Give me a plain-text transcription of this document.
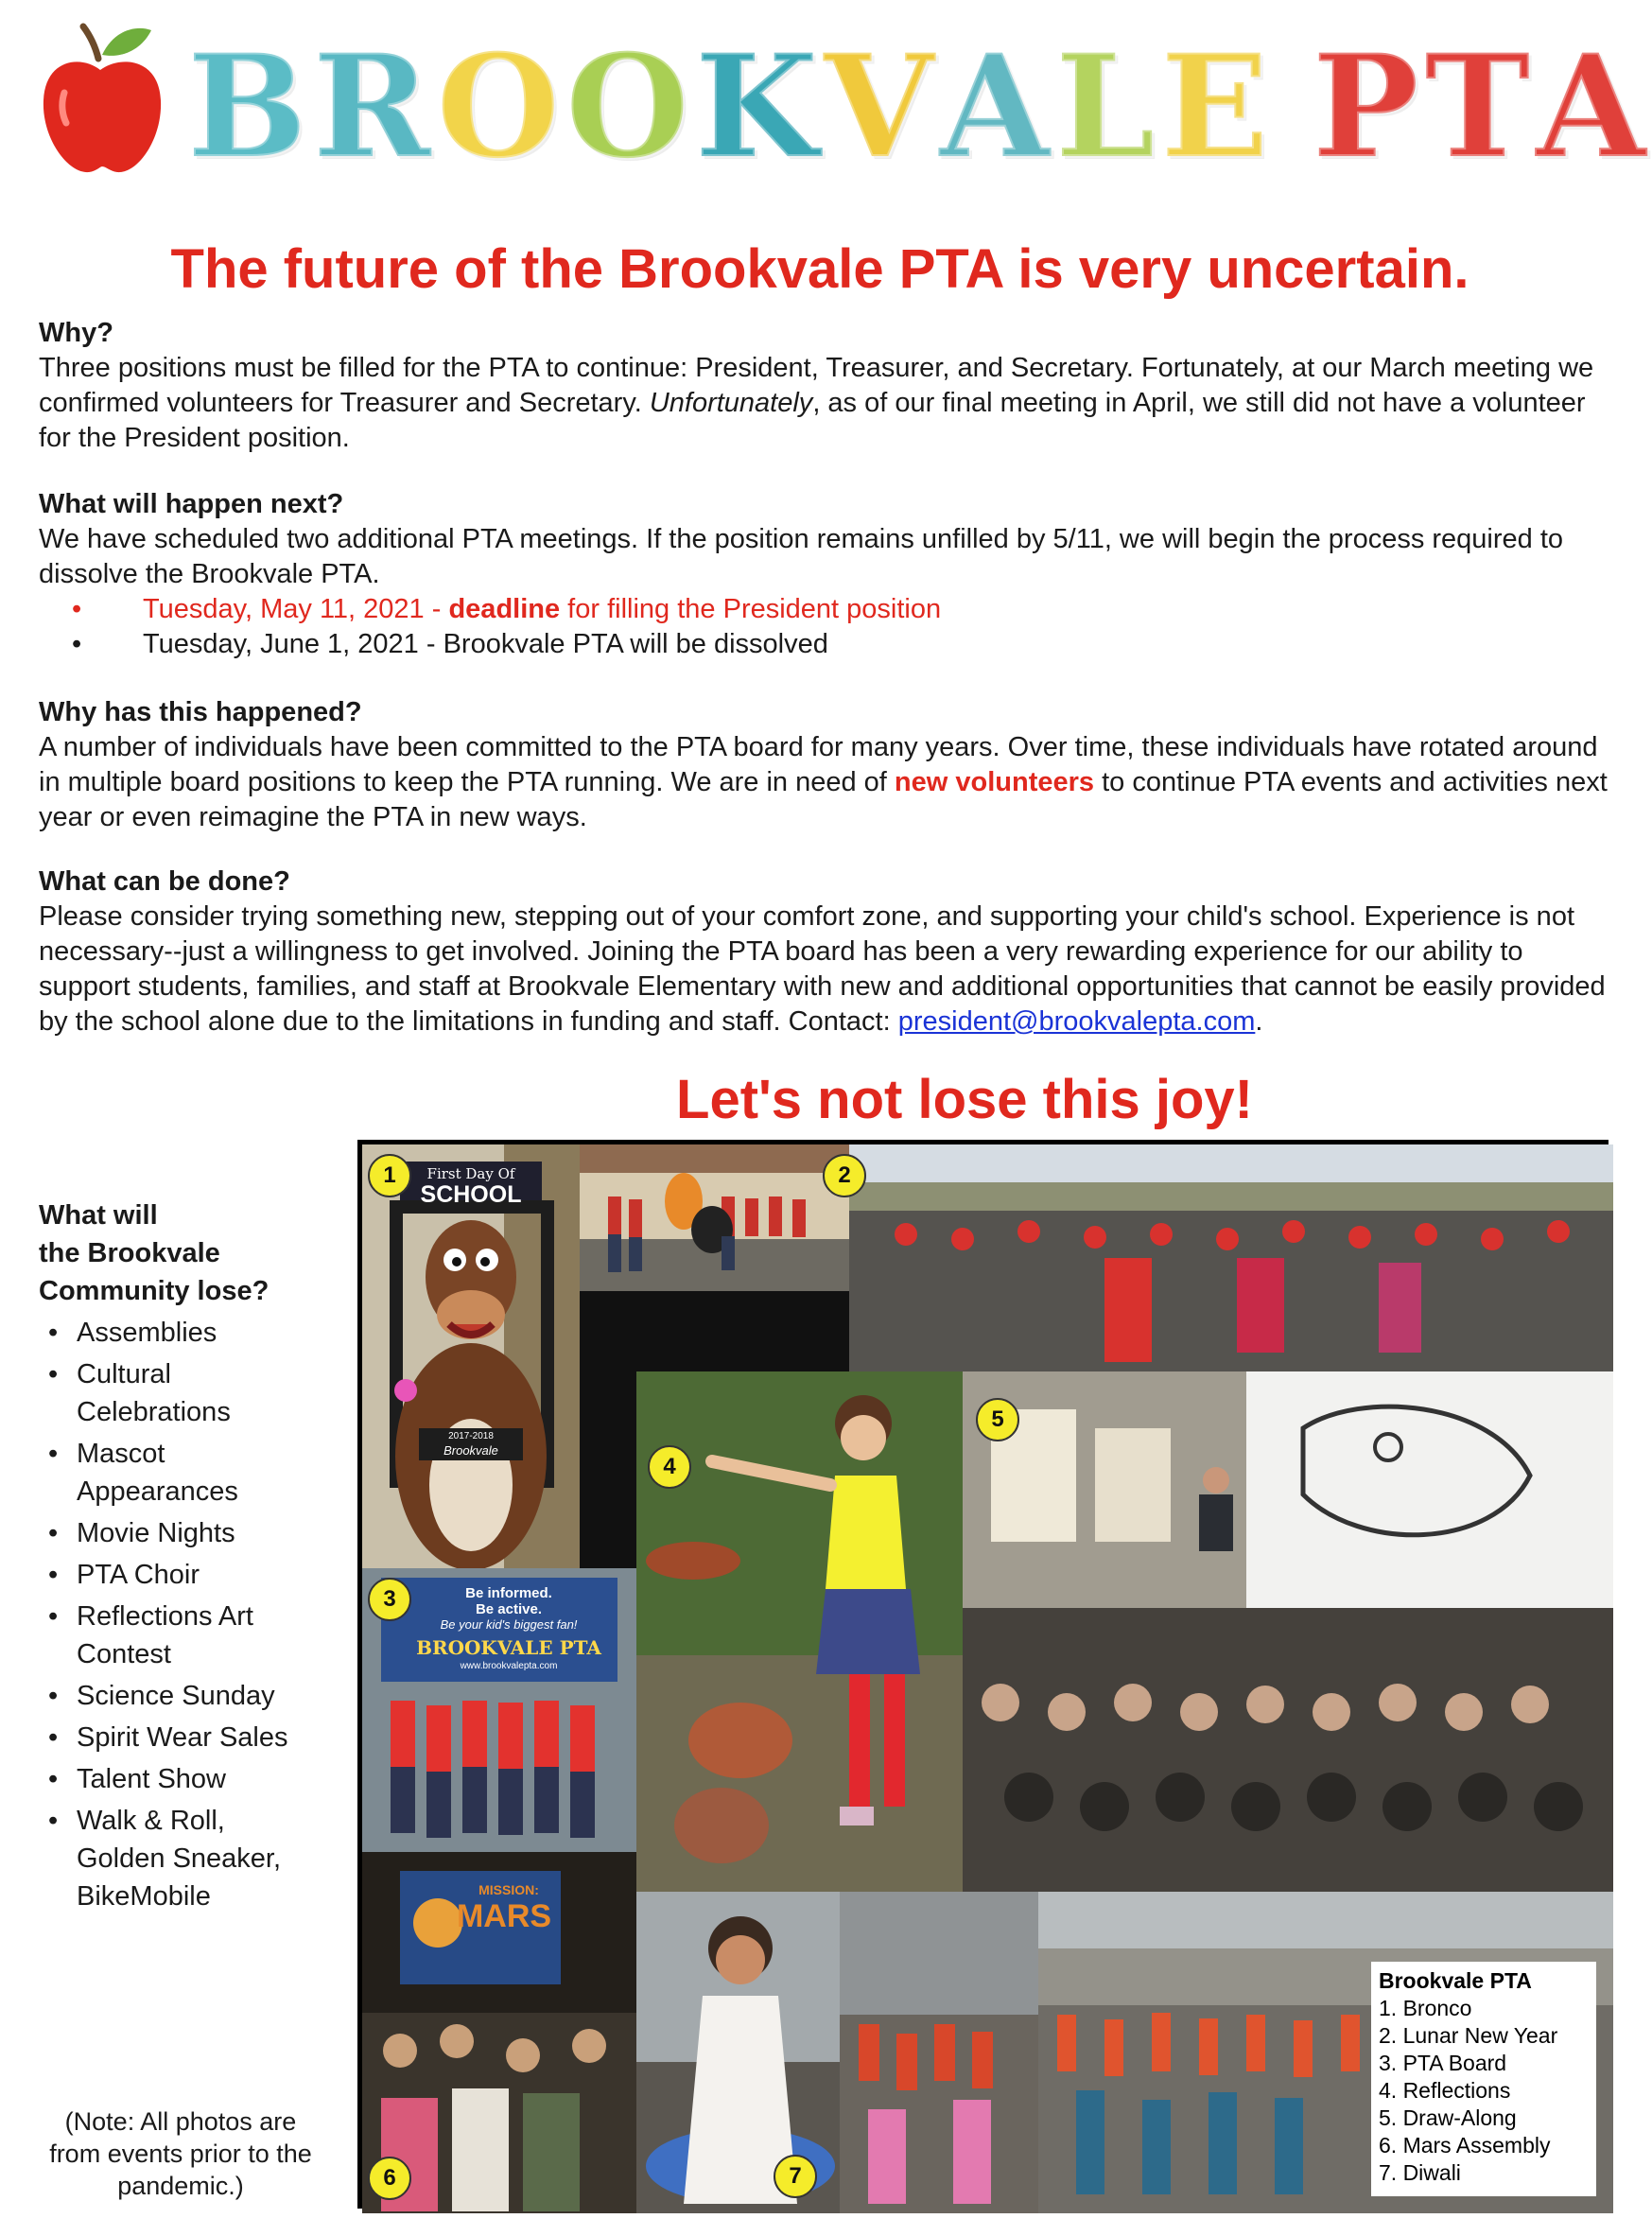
BROOKVALE PTA
The future of the Brookvale PTA is very uncertain.
Why?

Three positions must be filled for the PTA to continue: President, Treasurer, and Secretary. Fortunately, at our March meeting we confirmed volunteers for Treasurer and Secretary. Unfortunately, as of our final meeting in April, we still did not have a volunteer for the President position.

What will happen next?

We have scheduled two additional PTA meetings. If the position remains unfilled by 5/11, we will begin the process required to dissolve the Brookvale PTA.

• Tuesday, May 11, 2021 - deadline for filling the President position
• Tuesday, June 1, 2021 - Brookvale PTA will be dissolved
Why has this happened?

A number of individuals have been committed to the PTA board for many years. Over time, these individuals have rotated around in multiple board positions to keep the PTA running. We are in need of new volunteers to continue PTA events and activities next year or even reimagine the PTA in new ways.

What can be done?

Please consider trying something new, stepping out of your comfort zone, and supporting your child's school. Experience is not necessary--just a willingness to get involved. Joining the PTA board has been a very rewarding experience for our ability to support students, families, and staff at Brookvale Elementary with new and additional opportunities that cannot be easily provided by the school alone due to the limitations in funding and staff. Contact: president@brookvalepta.com.

Let's not lose this joy!
What will
the Brookvale
Community lose?
• Assemblies
• Cultural
Celebrations
• Mascot
Appearances
• Movie Nights
• PTA Choir
• Reflections Art
Contest
• Science Sunday
• Spirit Wear Sales
• Talent Show
• Walk & Roll,
Golden Sneaker,
BikeMobile
(Note: All photos are from events prior to the pandemic.)
First Day Of
SCHOOL
2017-2018
Brookvale
1	2
Be informed.
Be active.
Be your kid's biggest fan!
BROOKVALE PTA
www.brookvalepta.com
3
4
5
MISSION:
MARS
6	7
Brookvale PTA
1. Bronco
2. Lunar New Year
3. PTA Board
4. Reflections
5. Draw-Along
6. Mars Assembly
7. Diwali
